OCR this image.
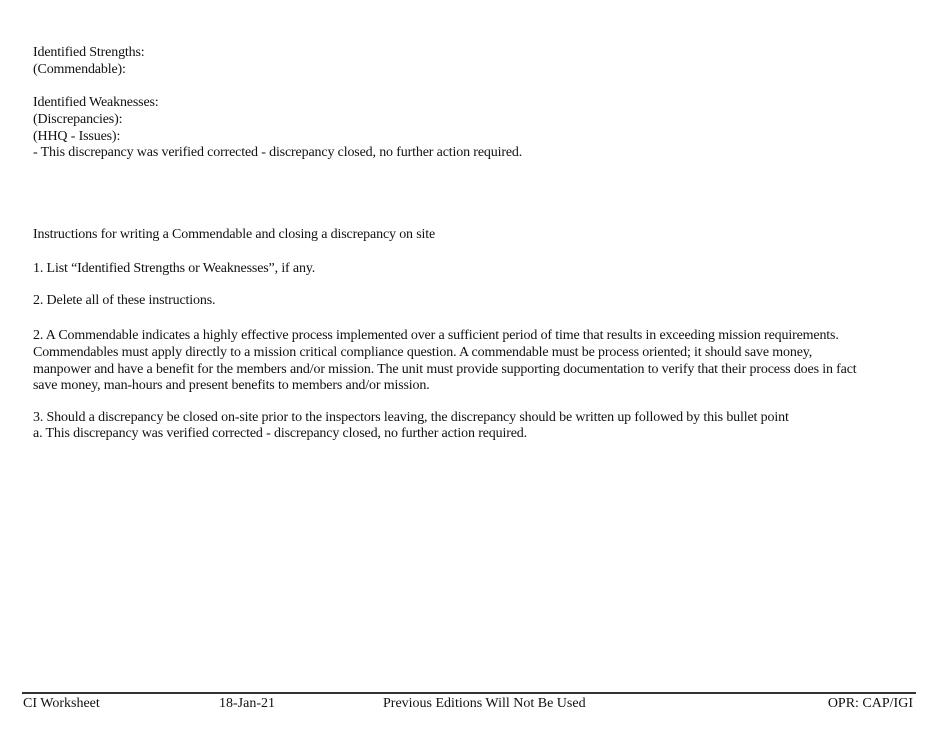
Identified Strengths:
(Commendable):
Identified Weaknesses:
(Discrepancies):
(HHQ - Issues):
- This discrepancy was verified corrected - discrepancy closed, no further action required.
Instructions for writing a Commendable and closing a discrepancy on site
1. List “Identified Strengths or Weaknesses”, if any.
2. Delete all of these instructions.
2. A Commendable indicates a highly effective process implemented over a sufficient period of time that results in exceeding mission requirements.
Commendables must apply directly to a mission critical compliance question. A commendable must be process oriented; it should save money,
manpower and have a benefit for the members and/or mission. The unit must provide supporting documentation to verify that their process does in fact
save money, man-hours and present benefits to members and/or mission.
3. Should a discrepancy be closed on-site prior to the inspectors leaving, the discrepancy should be written up followed by this bullet point
a. This discrepancy was verified corrected - discrepancy closed, no further action required.
CI Worksheet	18-Jan-21	Previous Editions Will Not Be Used	OPR: CAP/IGI
